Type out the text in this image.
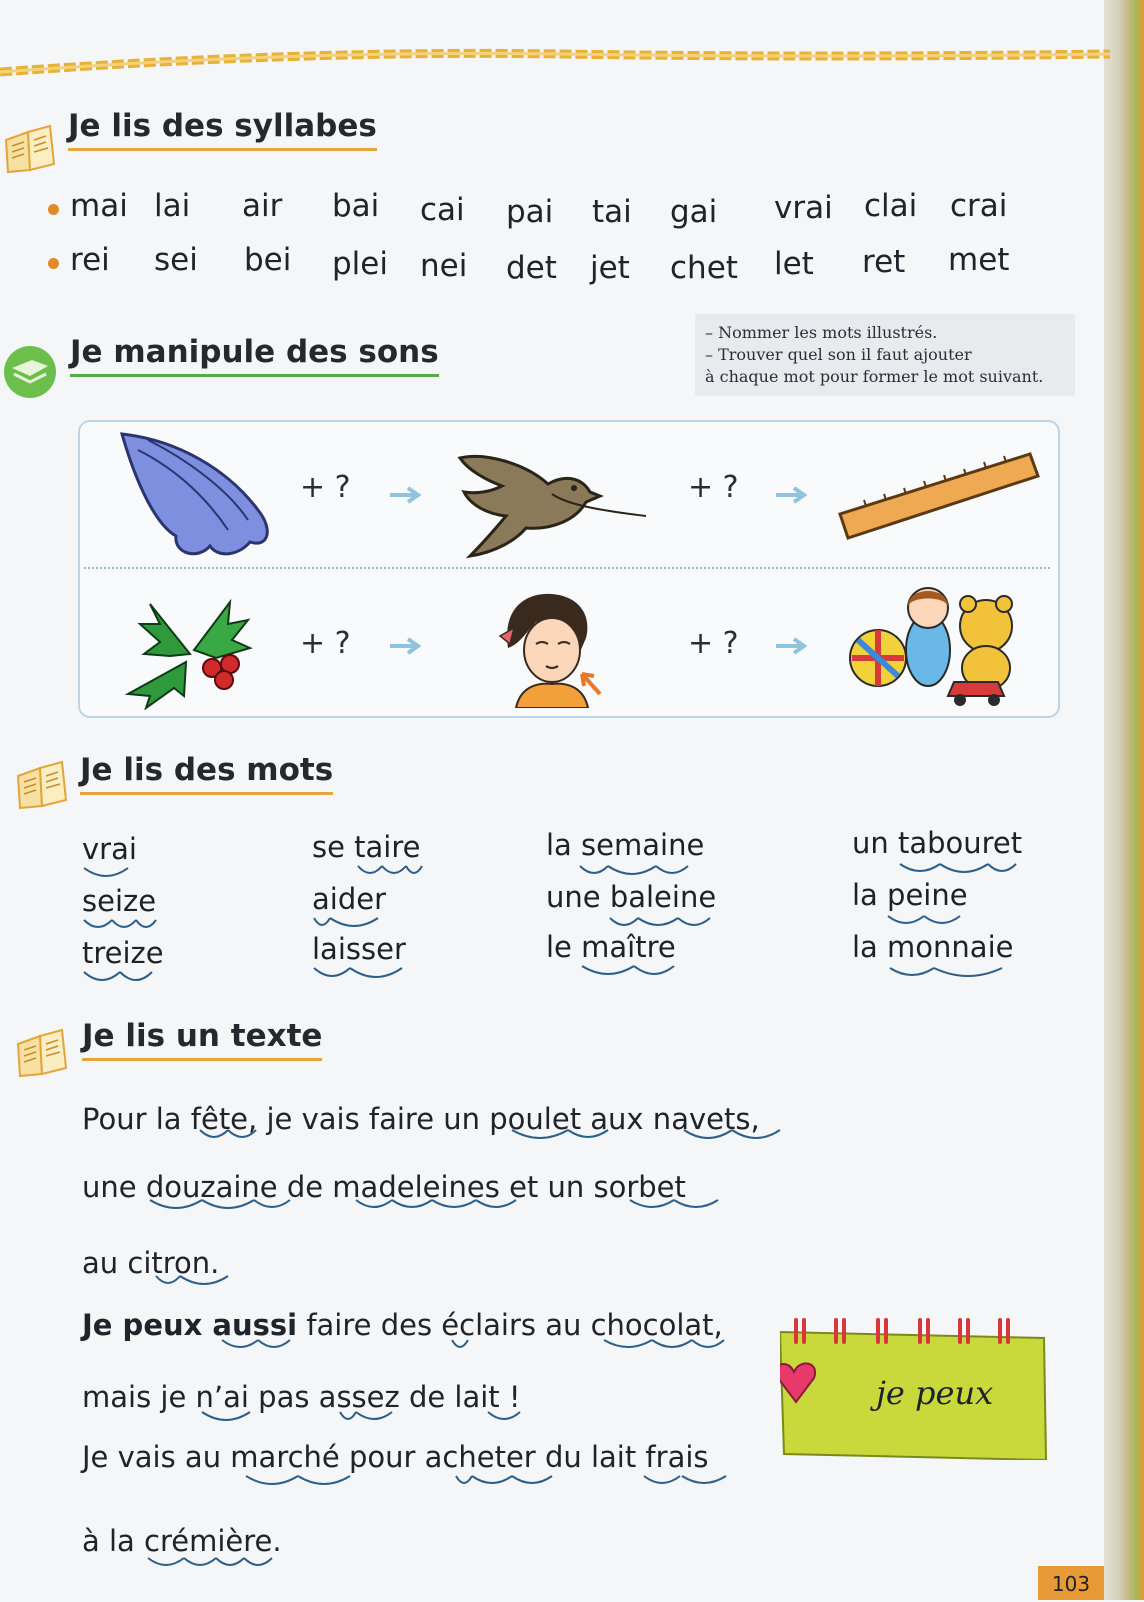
Je lis des syllabes
mai lai air bai cai pai tai gai vrai clai crai
rei sei bei plei nei det jet chet let ret met
Je manipule des sons
– Nommer les mots illustrés.
– Trouver quel son il faut ajouter
à chaque mot pour former le mot suivant.
+ ?	+ ?
+ ?	+ ?
Je lis des mots
vrai
seize
treize
se taire
aider
laisser
la semaine
une baleine
le maître
un tabouret
la peine
la monnaie
Je lis un texte
Pour la fête, je vais faire un poulet aux navets,
une douzaine de madeleines et un sorbet
au citron.
Je peux aussi faire des éclairs au chocolat,
mais je n’ai pas assez de lait !
Je vais au marché pour acheter du lait frais
à la crémière.
je peux
103
